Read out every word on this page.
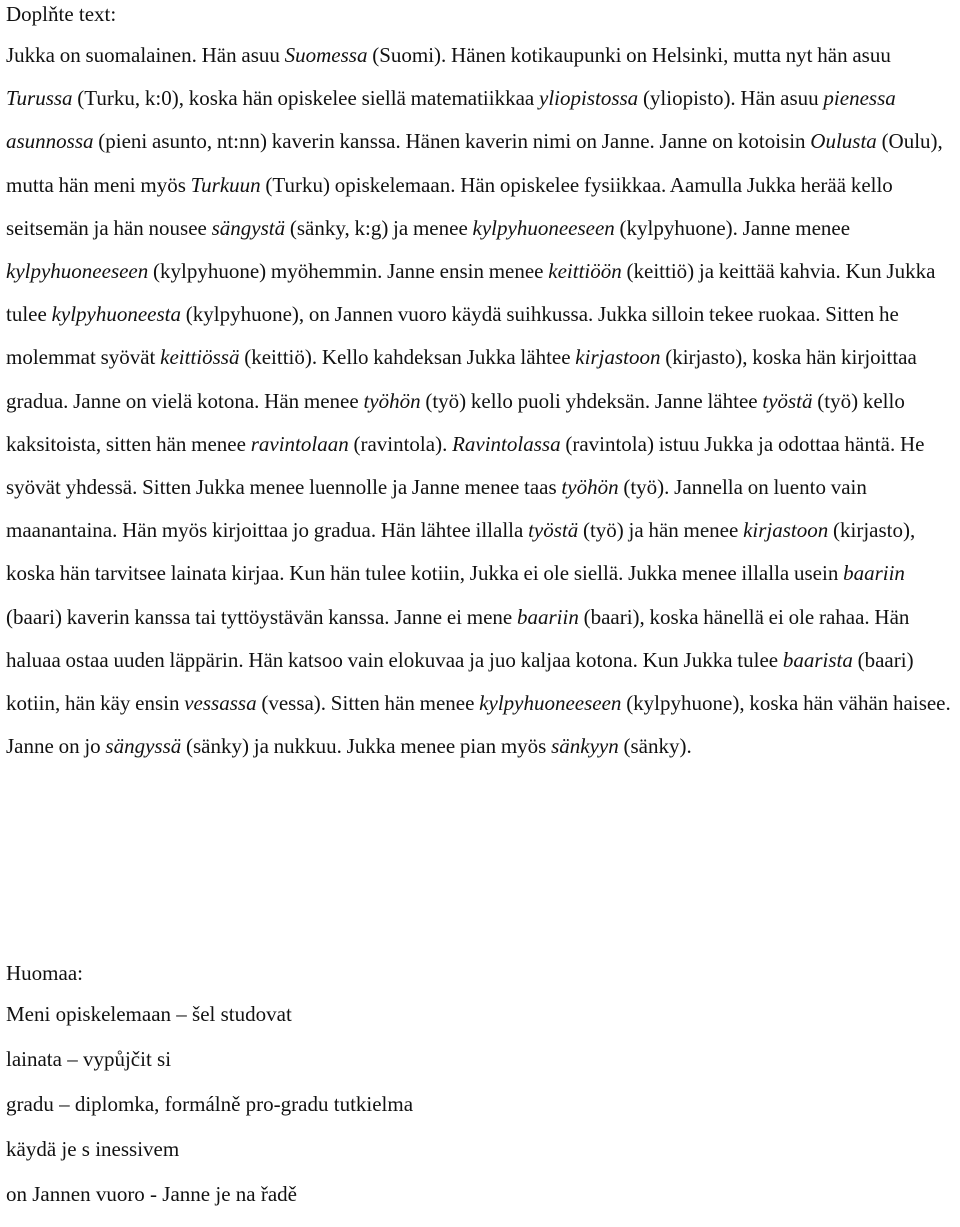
Doplňte text:

Jukka on suomalainen. Hän asuu Suomessa (Suomi). Hänen kotikaupunki on Helsinki, mutta nyt hän asuu Turussa (Turku, k:0), koska hän opiskelee siellä matematiikkaa yliopistossa (yliopisto). Hän asuu pienessa asunnossa (pieni asunto, nt:nn) kaverin kanssa. Hänen kaverin nimi on Janne. Janne on kotoisin Oulusta (Oulu), mutta hän meni myös Turkuun (Turku) opiskelemaan. Hän opiskelee fysiikkaa. Aamulla Jukka herää kello seitsemän ja hän nousee sängystä (sänky, k:g) ja menee kylpyhuoneeseen (kylpyhuone). Janne menee kylpyhuoneeseen (kylpyhuone) myöhemmin. Janne ensin menee keittiöön (keittiö) ja keittää kahvia. Kun Jukka tulee kylpyhuoneesta (kylpyhuone), on Jannen vuoro käydä suihkussa. Jukka silloin tekee ruokaa. Sitten he molemmat syövät keittiössä (keittiö). Kello kahdeksan Jukka lähtee kirjastoon (kirjasto), koska hän kirjoittaa gradua. Janne on vielä kotona. Hän menee työhön (työ) kello puoli yhdeksän. Janne lähtee työstä (työ) kello kaksitoista, sitten hän menee ravintolaan (ravintola). Ravintolassa (ravintola) istuu Jukka ja odottaa häntä. He syövät yhdessä. Sitten Jukka menee luennolle ja Janne menee taas työhön (työ). Jannella on luento vain maanantaina. Hän myös kirjoittaa jo gradua. Hän lähtee illalla työstä (työ) ja hän menee kirjastoon (kirjasto), koska hän tarvitsee lainata kirjaa. Kun hän tulee kotiin, Jukka ei ole siellä. Jukka menee illalla usein baariin (baari) kaverin kanssa tai tyttöystävän kanssa. Janne ei mene baariin (baari), koska hänellä ei ole rahaa. Hän haluaa ostaa uuden läppärin. Hän katsoo vain elokuvaa ja juo kaljaa kotona. Kun Jukka tulee baarista (baari) kotiin, hän käy ensin vessassa (vessa). Sitten hän menee kylpyhuoneeseen (kylpyhuone), koska hän vähän haisee. Janne on jo sängyssä (sänky) ja nukkuu. Jukka menee pian myös sänkyyn (sänky).

Huomaa:

Meni opiskelemaan – šel studovat
lainata – vypůjčit si
gradu – diplomka, formálně pro-gradu tutkielma
käydä je s inessivem
on Jannen vuoro - Janne je na řadě
